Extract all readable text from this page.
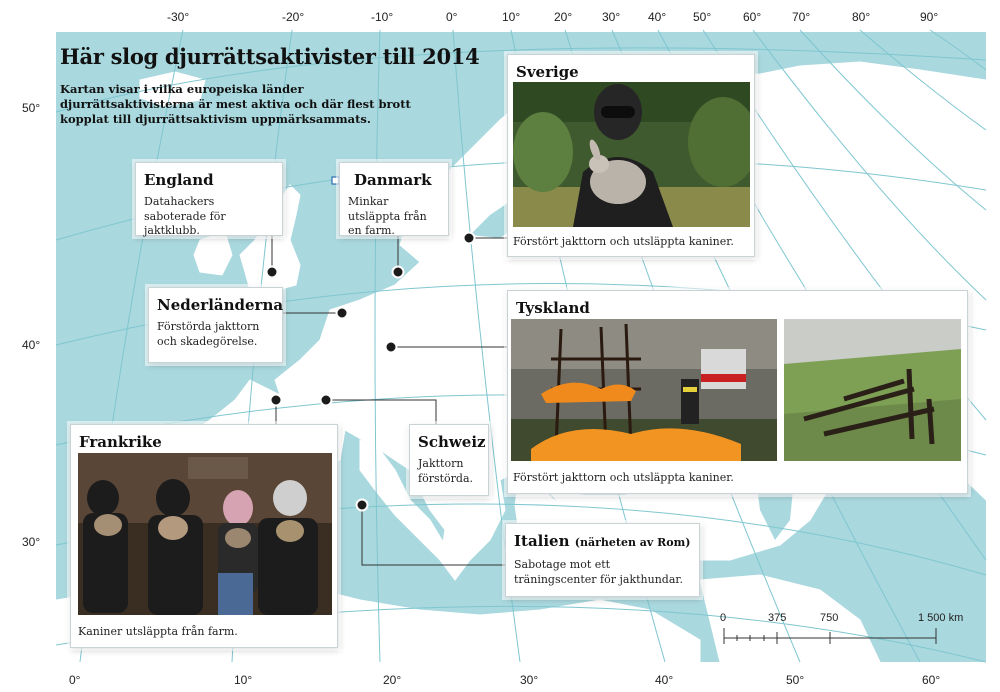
-30°	-20°	-10°	0°	10°	20° 30° 40° 50°	60°	70°	80°	90°
0°	10°	20°	30°	40°	50°	60°
50°
40°
30°
Här slog djurrättsaktivister till 2014
Kartan visar i vilka europeiska länder djurrättsaktivisterna är mest aktiva och där flest brott kopplat till djurrättsaktivism uppmärksammats.
England

Datahackers saboterade för jaktklubb.

Danmark

Minkar utsläppta från en farm.

Sverige
Förstört jakttorn och utsläppta kaniner.
Nederländerna

Förstörda jakttorn och skadegörelse.

Tyskland
Förstört jakttorn och utsläppta kaniner.
Frankrike
Kaniner utsläppta från farm.
Schweiz

Jakttorn förstörda.

Italien (närheten av Rom)

Sabotage mot ett träningscenter för jakthundar.

0	375	750	1 500 km
